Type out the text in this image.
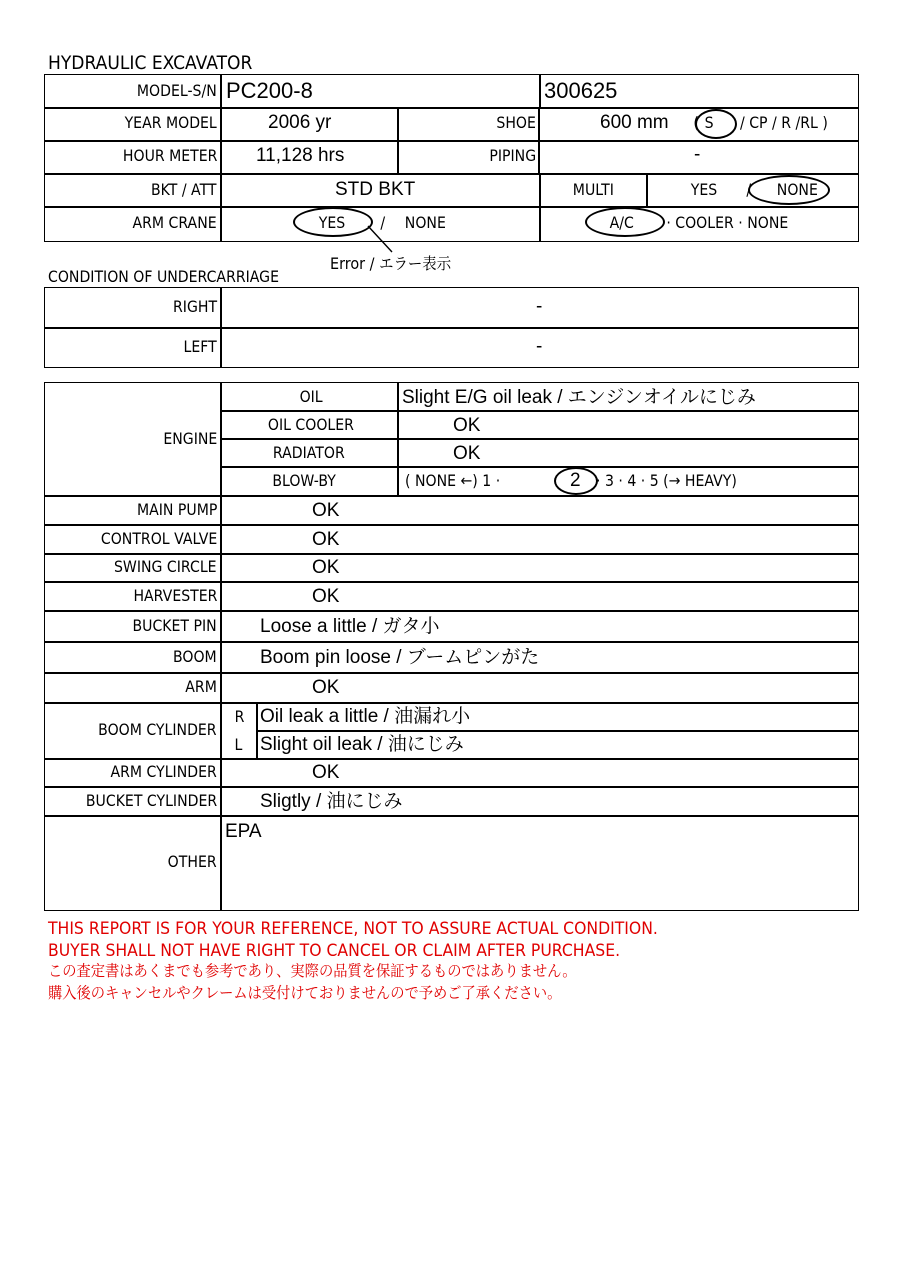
HYDRAULIC EXCAVATOR
MODEL-S/N PC200-8	300625
YEAR MODEL	2006 yr	SHOE	600 mm ( S / CP / R /RL )
HOUR METER 11,128 hrs	PIPING	-
BKT / ATT	STD BKT	MULTI	YES / NONE
ARM CRANE	YES / NONE	A/C · COOLER · NONE
Error / エラー表示
CONDITION OF UNDERCARRIAGE
RIGHT	-
LEFT	-
ENGINE
OIL	Slight E/G oil leak / エンジンオイルにじみ
OIL COOLER	OK
RADIATOR	OK
BLOW-BY	( NONE ←) 1 ·	2 · 3 · 4 · 5 (→ HEAVY)
MAIN PUMP	OK
CONTROL VALVE	OK
SWING CIRCLE	OK
HARVESTER	OK
BUCKET PIN Loose a little / ガタ小
BOOM Boom pin loose / ブームピンがた
ARM	OK
BOOM CYLINDER
R Oil leak a little / 油漏れ小
L Slight oil leak / 油にじみ
ARM CYLINDER	OK
BUCKET CYLINDER Sligtly / 油にじみ
OTHER
EPA
THIS REPORT IS FOR YOUR REFERENCE, NOT TO ASSURE ACTUAL CONDITION.
BUYER SHALL NOT HAVE RIGHT TO CANCEL OR CLAIM AFTER PURCHASE.
この査定書はあくまでも参考であり、実際の品質を保証するものではありません。
購入後のキャンセルやクレームは受付けておりませんので予めご了承ください。
